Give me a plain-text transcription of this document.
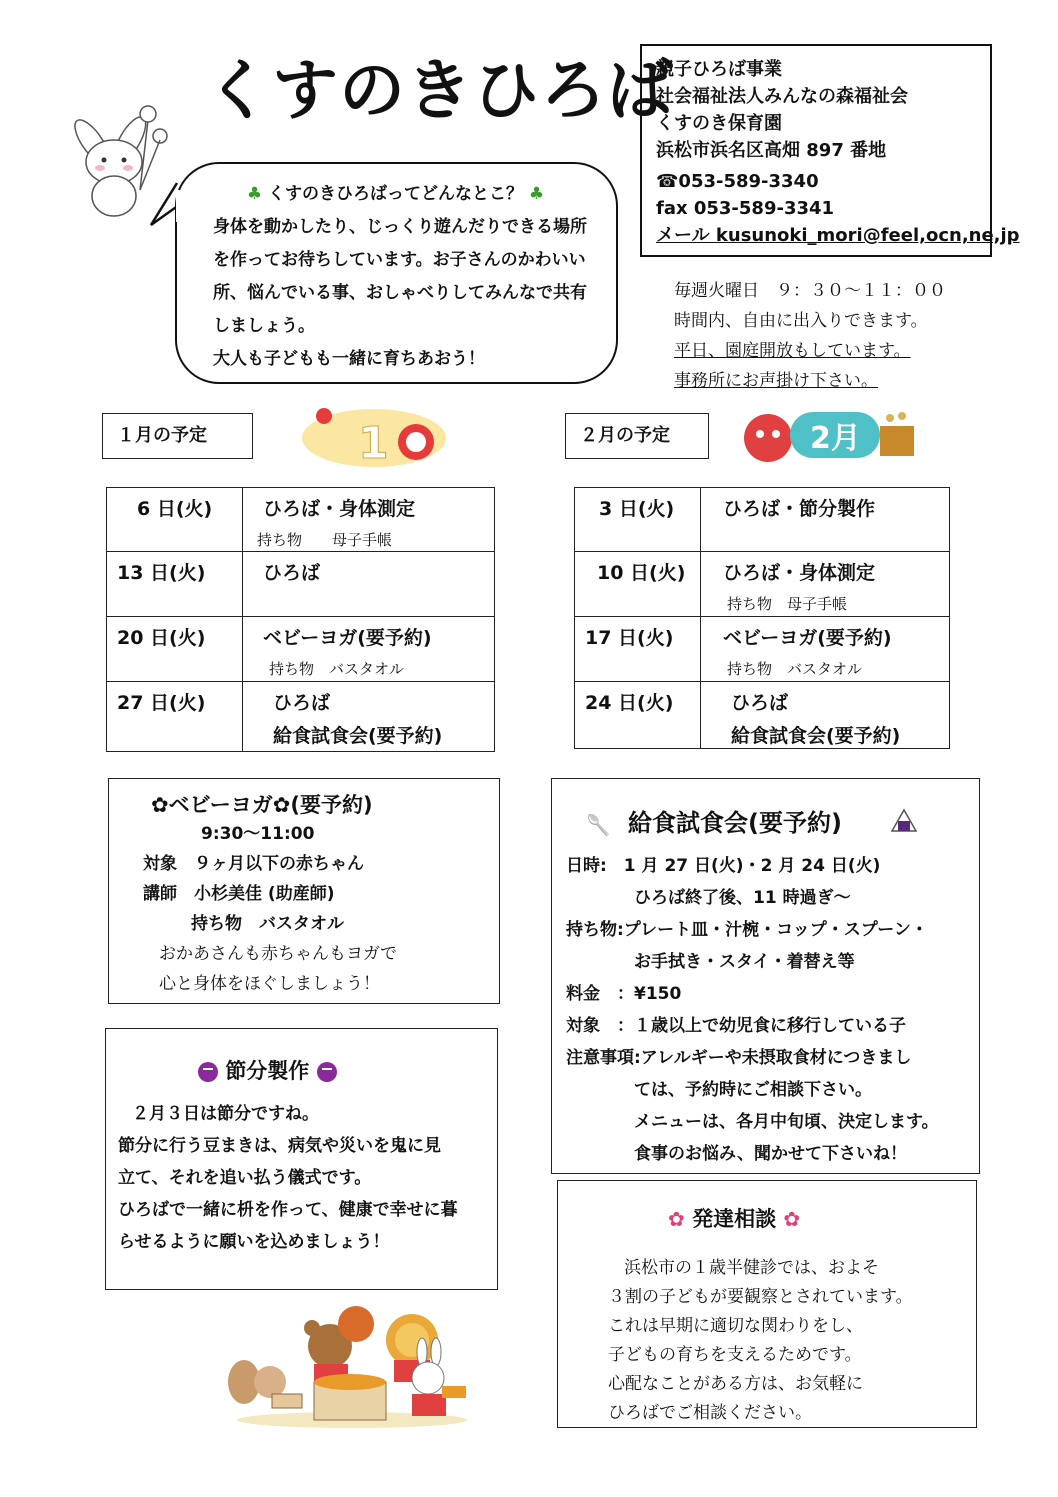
くすのきひろば
親子ひろば事業
社会福祉法人みんなの森福祉会
くすのき保育園
浜松市浜名区高畑 897 番地
☎053-589-3340
fax 053-589-3341
メール kusunoki_mori@feel,ocn,ne,jp
♣ くすのきひろばってどんなとこ？ ♣
身体を動かしたり、じっくり遊んだりできる場所
を作ってお待ちしています。お子さんのかわいい
所、悩んでいる事、おしゃべりしてみんなで共有
しましょう。
大人も子どもも一緒に育ちあおう！
毎週火曜日　９：３０～１１：００
時間内、自由に出入りできます。
平日、園庭開放もしています。
事務所にお声掛け下さい。
１月の予定	1	２月の予定	2月
6 日(火)	ひろば・身体測定
持ち物　　母子手帳

13 日(火)	ひろば

20 日(火)	ベビーヨガ(要予約)
持ち物　バスタオル

27 日(火)	ひろば
給食試食会(要予約)
3 日(火)	ひろば・節分製作

10 日(火)	ひろば・身体測定
持ち物　母子手帳

17 日(火)	ベビーヨガ(要予約)
持ち物　バスタオル

24 日(火)	ひろば
給食試食会(要予約)
✿ベビーヨガ✿(要予約)
9:30～11:00
対象　９ヶ月以下の赤ちゃん
講師　小杉美佳 (助産師)
持ち物　バスタオル
おかあさんも赤ちゃんもヨガで
心と身体をほぐしましょう！
節分製作
２月３日は節分ですね。
節分に行う豆まきは、病気や災いを鬼に見
立て、それを追い払う儀式です。
ひろばで一緒に枡を作って、健康で幸せに暮
らせるように願いを込めましょう！
🥄 給食試食会(要予約)
日時:　1 月 27 日(火)・2 月 24 日(火)
　　　　ひろば終了後、11 時過ぎ～
持ち物:プレート皿・汁椀・コップ・スプーン・
　　　　お手拭き・スタイ・着替え等
料金　：¥150
対象　：１歳以上で幼児食に移行している子
注意事項:アレルギーや未摂取食材につきまし
　　　　ては、予約時にご相談下さい。
　　　　メニューは、各月中旬頃、決定します。
　　　　食事のお悩み、聞かせて下さいね！
✿ 発達相談 ✿
浜松市の１歳半健診では、およそ
３割の子どもが要観察とされています。
これは早期に適切な関わりをし、
子どもの育ちを支えるためです。
心配なことがある方は、お気軽に
ひろばでご相談ください。
